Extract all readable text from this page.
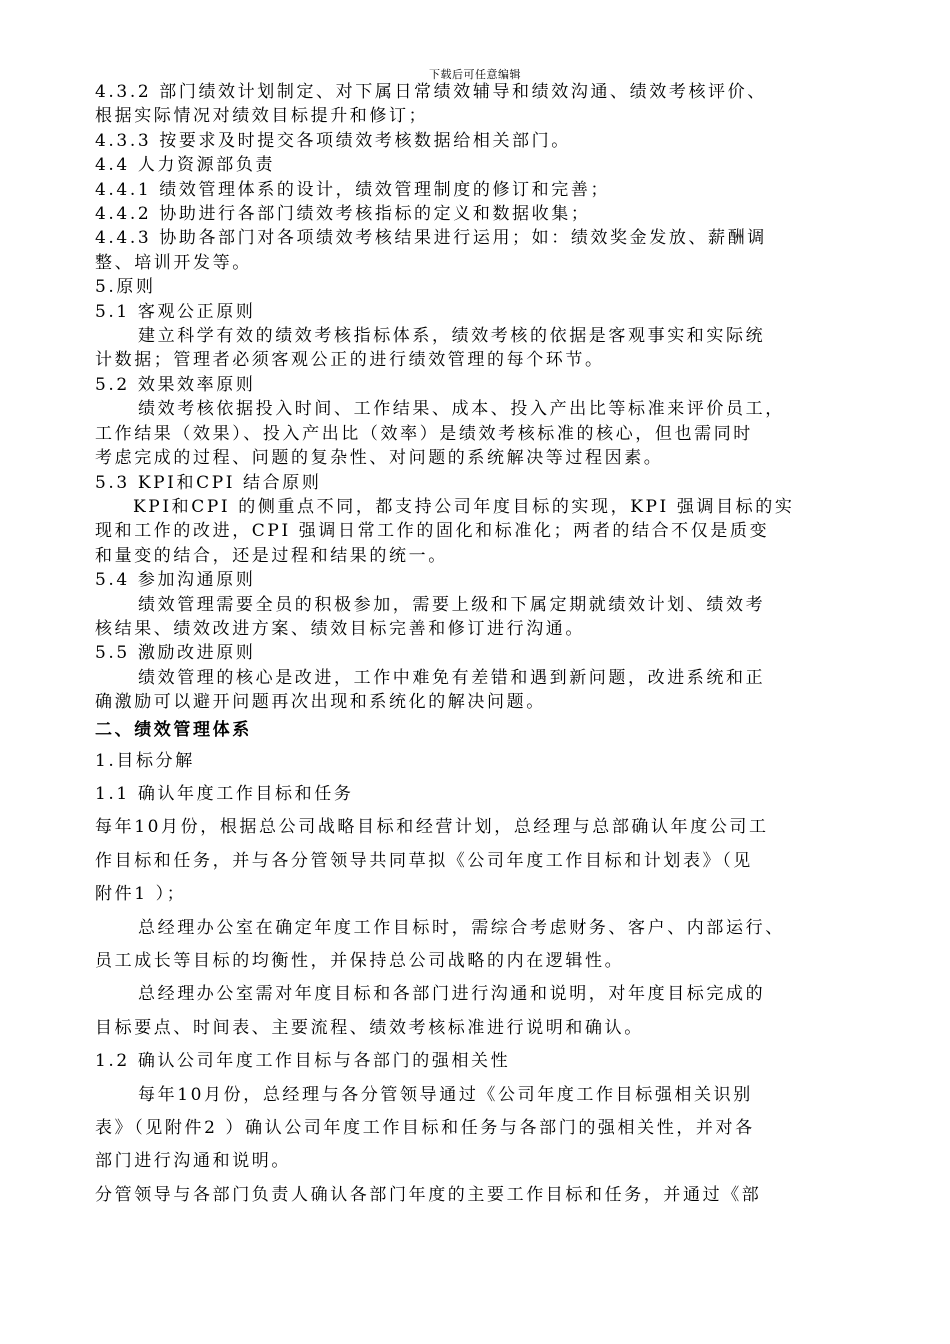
下载后可任意编辑

4.3.2 部门绩效计划制定、对下属日常绩效辅导和绩效沟通、绩效考核评价、

根据实际情况对绩效目标提升和修订；

4.3.3 按要求及时提交各项绩效考核数据给相关部门。

4.4 人力资源部负责

4.4.1 绩效管理体系的设计，绩效管理制度的修订和完善；

4.4.2 协助进行各部门绩效考核指标的定义和数据收集；

4.4.3 协助各部门对各项绩效考核结果进行运用；如：绩效奖金发放、薪酬调

整、培训开发等。

5.原则

5.1 客观公正原则

建立科学有效的绩效考核指标体系，绩效考核的依据是客观事实和实际统

计数据；管理者必须客观公正的进行绩效管理的每个环节。

5.2 效果效率原则

绩效考核依据投入时间、工作结果、成本、投入产出比等标准来评价员工，

工作结果（效果）、投入产出比（效率）是绩效考核标准的核心，但也需同时

考虑完成的过程、问题的复杂性、对问题的系统解决等过程因素。

5.3 KPI和CPI 结合原则

KPI和CPI 的侧重点不同，都支持公司年度目标的实现，KPI 强调目标的实

现和工作的改进，CPI 强调日常工作的固化和标准化；两者的结合不仅是质变

和量变的结合，还是过程和结果的统一。

5.4 参加沟通原则

绩效管理需要全员的积极参加，需要上级和下属定期就绩效计划、绩效考

核结果、绩效改进方案、绩效目标完善和修订进行沟通。

5.5 激励改进原则

绩效管理的核心是改进，工作中难免有差错和遇到新问题，改进系统和正

确激励可以避开问题再次出现和系统化的解决问题。

二、绩效管理体系

1.目标分解

1.1 确认年度工作目标和任务

每年10月份，根据总公司战略目标和经营计划，总经理与总部确认年度公司工

作目标和任务，并与各分管领导共同草拟《公司年度工作目标和计划表》（见

附件1 ）；

总经理办公室在确定年度工作目标时，需综合考虑财务、客户、内部运行、

员工成长等目标的均衡性，并保持总公司战略的内在逻辑性。

总经理办公室需对年度目标和各部门进行沟通和说明，对年度目标完成的

目标要点、时间表、主要流程、绩效考核标准进行说明和确认。

1.2 确认公司年度工作目标与各部门的强相关性

每年10月份，总经理与各分管领导通过《公司年度工作目标强相关识别

表》（见附件2 ）确认公司年度工作目标和任务与各部门的强相关性，并对各

部门进行沟通和说明。

分管领导与各部门负责人确认各部门年度的主要工作目标和任务，并通过《部
